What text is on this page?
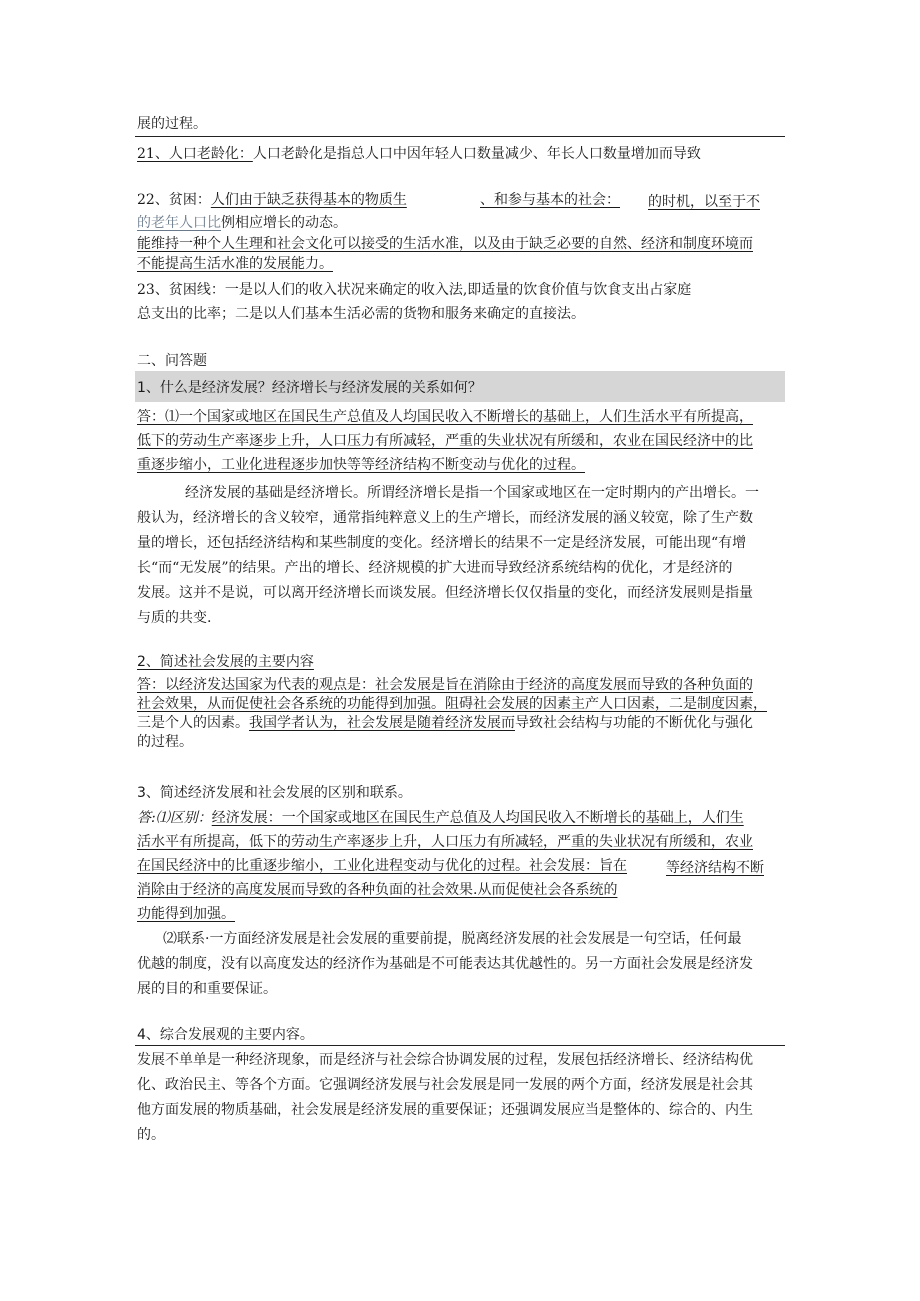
展的过程。
21、人口老龄化：人口老龄化是指总人口中因年轻人口数量减少、年长人口数量增加而导致
22、贫困：人们由于缺乏获得基本的物质生	、和参与基本的社会： 的时机，以至于不
的老年人口比例相应增长的动态。
能维持一种个人生理和社会文化可以接受的生活水准，以及由于缺乏必要的自然、经济和制度环境而
不能提高生活水准的发展能力。
23、贫困线：一是以人们的收入状况来确定的收入法,即适量的饮食价值与饮食支出占家庭
总支出的比率；二是以人们基本生活必需的货物和服务来确定的直接法。
二、问答题
1、什么是经济发展？经济增长与经济发展的关系如何？

答：⑴一个国家或地区在国民生产总值及人均国民收入不断增长的基础上，人们生活水平有所提高，

低下的劳动生产率逐步上升，人口压力有所减轻，严重的失业状况有所缓和，农业在国民经济中的比

重逐步缩小，工业化进程逐步加快等等经济结构不断变动与优化的过程。

经济发展的基础是经济增长。所谓经济增长是指一个国家或地区在一定时期内的产出增长。一

般认为，经济增长的含义较窄，通常指纯粹意义上的生产增长，而经济发展的涵义较宽，除了生产数

量的增长，还包括经济结构和某些制度的变化。经济增长的结果不一定是经济发展，可能出现“有增

长“而“无发展”的结果。产出的增长、经济规模的扩大进而导致经济系统结构的优化，才是经济的

发展。这并不是说，可以离开经济增长而谈发展。但经济增长仅仅指量的变化，而经济发展则是指量

与质的共变.

2、简述社会发展的主要内容

答：以经济发达国家为代表的观点是：社会发展是旨在消除由于经济的高度发展而导致的各种负面的

社会效果，从而促使社会各系统的功能得到加强。阻碍社会发展的因素主产人口因素，二是制度因素，

三是个人的因素。我国学者认为，社会发展是随着经济发展而导致社会结构与功能的不断优化与强化

的过程。

3、简述经济发展和社会发展的区别和联系。

答:⑴区别：经济发展：一个国家或地区在国民生产总值及人均国民收入不断增长的基础上，人们生

活水平有所提高，低下的劳动生产率逐步上升，人口压力有所减轻，严重的失业状况有所缓和，农业

在国民经济中的比重逐步缩小，工业化进程变动与优化的过程。社会发展：旨在	等经济结构不断

消除由于经济的高度发展而导致的各种负面的社会效果.从而促使社会各系统的

功能得到加强。

⑵联系·一方面经济发展是社会发展的重要前提，脱离经济发展的社会发展是一句空话，任何最

优越的制度，没有以高度发达的经济作为基础是不可能表达其优越性的。另一方面社会发展是经济发

展的目的和重要保证。

4、综合发展观的主要内容。

发展不单单是一种经济现象，而是经济与社会综合协调发展的过程，发展包括经济增长、经济结构优

化、政治民主、等各个方面。它强调经济发展与社会发展是同一发展的两个方面，经济发展是社会其

他方面发展的物质基础，社会发展是经济发展的重要保证；还强调发展应当是整体的、综合的、内生

的。
